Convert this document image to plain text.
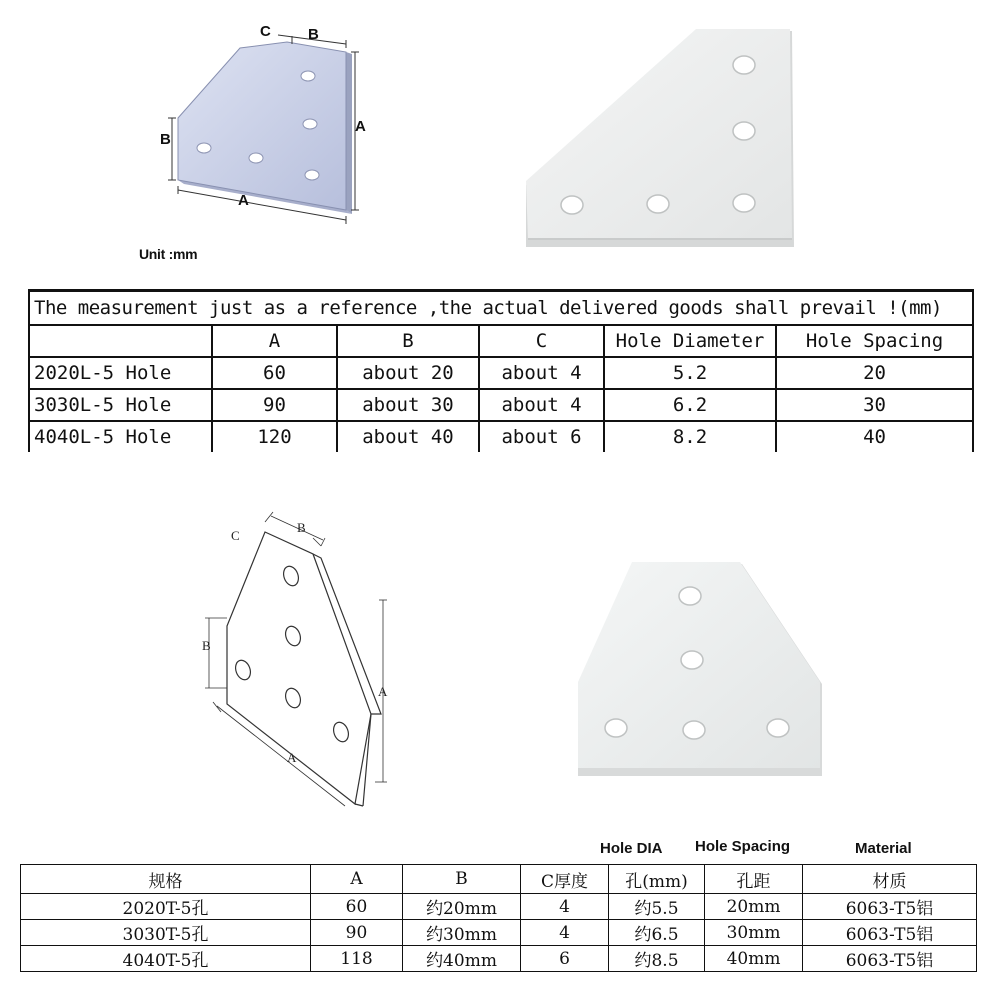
C B
B
A
A
Unit :mm
The measurement just as a reference ,the actual delivered goods shall prevail !(mm)					
	A	B	C	Hole Diameter	Hole Spacing
2020L-5 Hole	60	about 20	about 4	5.2	20
3030L-5 Hole	90	about 30	about 4	6.2	30
4040L-5 Hole	120	about 40	about 6	8.2	40
C
B
B
A
A
Hole DIA Hole Spacing	Material
规格	A	B	C厚度	孔(mm)	孔距	材质
2020T-5孔	60	约20mm	4	约5.5	20mm	6063-T5铝
3030T-5孔	90	约30mm	4	约6.5	30mm	6063-T5铝
4040T-5孔	118	约40mm	6	约8.5	40mm	6063-T5铝
